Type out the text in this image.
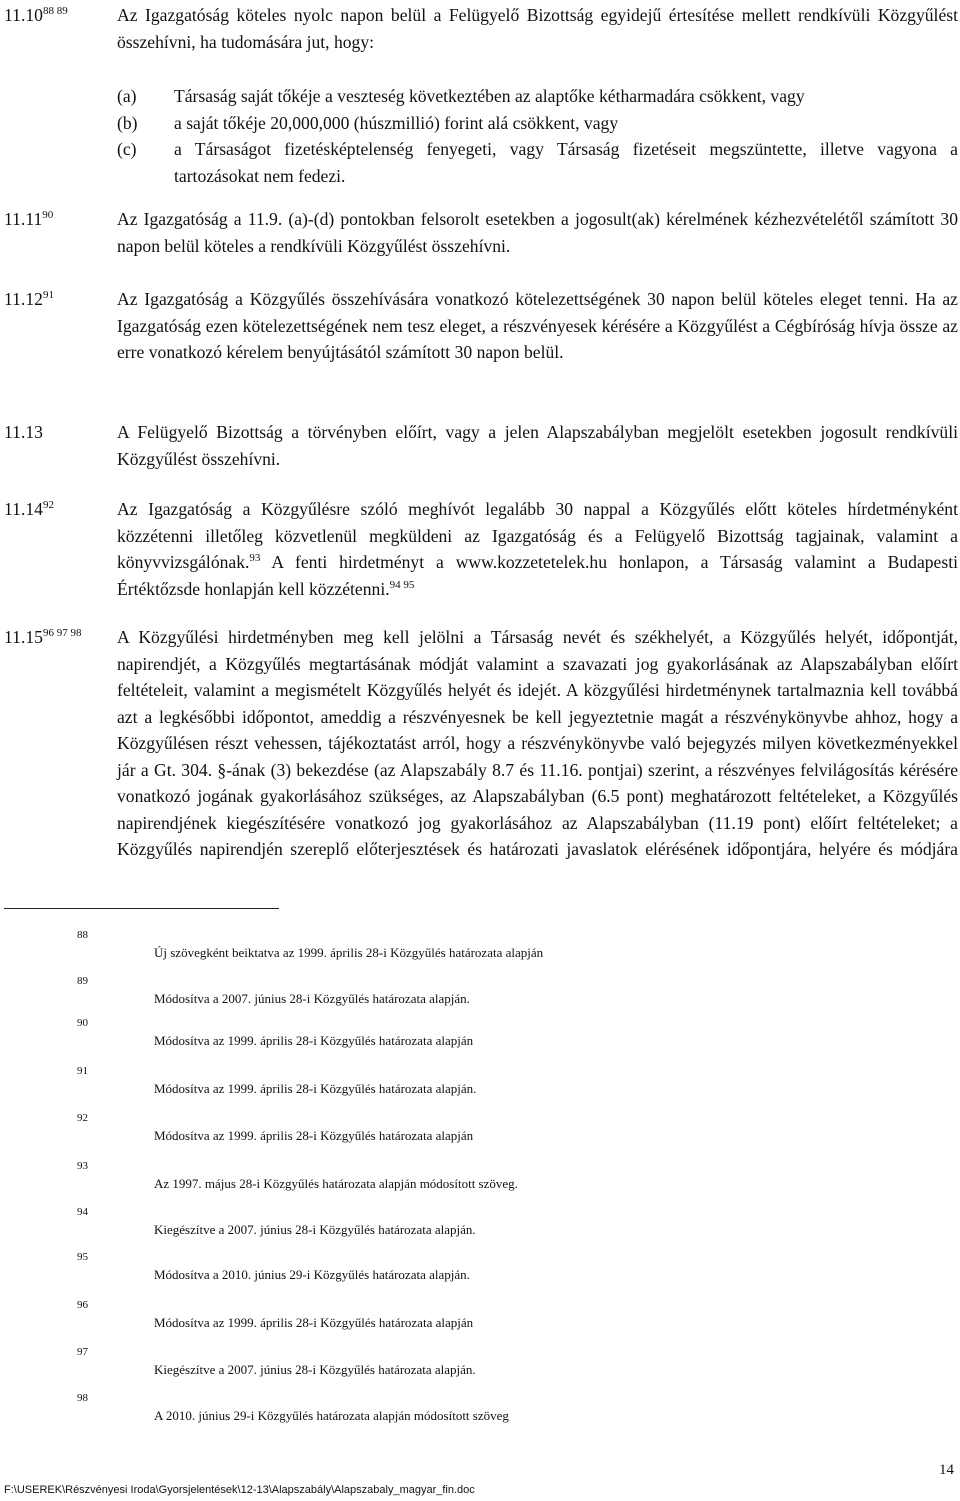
$11.10^{88 89}$	Az Igazgatóság köteles nyolc napon belül a Felügyelő Bizottság egyidejű értesítése mellett rendkívüli Közgyűlést összehívni, ha tudomására jut, hogy:
(a) Társaság saját tőkéje a veszteség következtében az alaptőke kétharmadára csökkent, vagy
(b) a saját tőkéje 20,000,000 (húszmillió) forint alá csökkent, vagy
(c) a Társaságot fizetésképtelenség fenyegeti, vagy Társaság fizetéseit megszüntette, illetve vagyona a tartozásokat nem fedezi.
11.11$^{90}$	Az Igazgatóság a 11.9. (a)-(d) pontokban felsorolt esetekben a jogosult(ak) kérelmének kézhezvételétől számított 30 napon belül köteles a rendkívüli Közgyűlést összehívni.
11.12$^{91}$	Az Igazgatóság a Közgyűlés összehívására vonatkozó kötelezettségének 30 napon belül köteles eleget tenni. Ha az Igazgatóság ezen kötelezettségének nem tesz eleget, a részvényesek kérésére a Közgyűlést a Cégbíróság hívja össze az erre vonatkozó kérelem benyújtásától számított 30 napon belül.
11.13	A Felügyelő Bizottság a törvényben előírt, vagy a jelen Alapszabályban megjelölt esetekben jogosult rendkívüli Közgyűlést összehívni.
11.14$^{92}$	Az Igazgatóság a Közgyűlésre szóló meghívót legalább 30 nappal a Közgyűlés előtt köteles hírdetményként közzétenni illetőleg közvetlenül megküldeni az Igazgatóság és a Felügyelő Bizottság tagjainak, valamint a könyvvizsgálónak.$^{93}$ A fenti hirdetményt a www.kozzetetelek.hu honlapon, a Társaság valamint a Budapesti Értéktőzsde honlapján kell közzétenni.$^{94 95}$
$11.15^{96 97 98}$ A Közgyűlési hirdetményben meg kell jelölni a Társaság nevét és székhelyét, a Közgyűlés helyét, időpontját, napirendjét, a Közgyűlés megtartásának módját valamint a szavazati jog gyakorlásának az Alapszabályban előírt feltételeit, valamint a megismételt Közgyűlés helyét és idejét. A közgyűlési hirdetménynek tartalmaznia kell továbbá azt a legkésőbbi időpontot, ameddig a részvényesnek be kell jegyeztetnie magát a részvénykönyvbe ahhoz, hogy a Közgyűlésen részt vehessen, tájékoztatást arról, hogy a részvénykönyvbe való bejegyzés milyen következményekkel jár a Gt. 304. §-ának (3) bekezdése (az Alapszabály 8.7 és 11.16. pontjai) szerint, a részvényes felvilágosítás kérésére vonatkozó jogának gyakorlásához szükséges, az Alapszabályban (6.5 pont) meghatározott feltételeket, a Közgyűlés napirendjének kiegészítésére vonatkozó jog gyakorlásához az Alapszabályban (11.19 pont) előírt feltételeket; a Közgyűlés napirendjén szereplő előterjesztések és határozati javaslatok elérésének időpontjára, helyére és módjára
88
Új szövegként beiktatva az 1999. április 28-i Közgyűlés határozata alapján
89
Módosítva a 2007. június 28-i Közgyűlés határozata alapján.
90
Módosítva az 1999. április 28-i Közgyűlés határozata alapján
91
Módosítva az 1999. április 28-i Közgyűlés határozata alapján.
92
Módosítva az 1999. április 28-i Közgyűlés határozata alapján
93
Az 1997. május 28-i Közgyűlés határozata alapján módosított szöveg.
94
Kiegészítve a 2007. június 28-i Közgyűlés határozata alapján.
95
Módosítva a 2010. június 29-i Közgyűlés határozata alapján.
96
Módosítva az 1999. április 28-i Közgyűlés határozata alapján
97
Kiegészítve a 2007. június 28-i Közgyűlés határozata alapján.
98
A 2010. június 29-i Közgyűlés határozata alapján módosított szöveg
14
F:\USEREK\Részvényesi Iroda\Gyorsjelentések\12-13\Alapszabály\Alapszabaly_magyar_fin.doc
